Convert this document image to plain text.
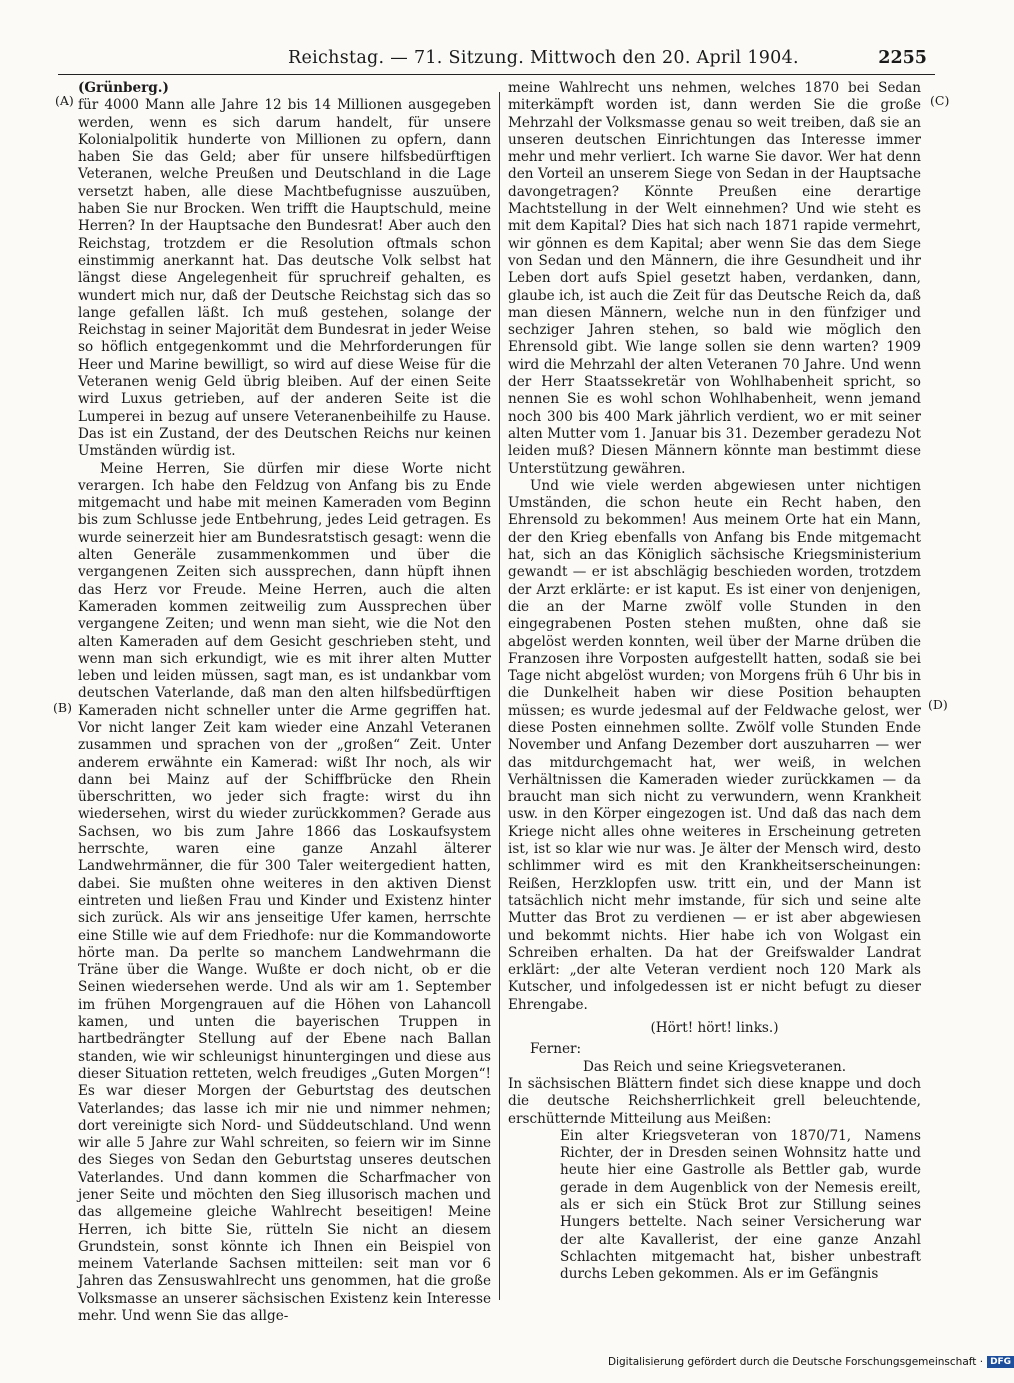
Reichstag. — 71. Sitzung. Mittwoch den 20. April 1904.	2255
(A)
(B)
(C)
(D)

(Grünberg.)

für 4000 Mann alle Jahre 12 bis 14 Millionen ausgegeben werden, wenn es sich darum handelt, für unsere Kolonialpolitik hunderte von Millionen zu opfern, dann haben Sie das Geld; aber für unsere hilfsbedürftigen Veteranen, welche Preußen und Deutschland in die Lage versetzt haben, alle diese Machtbefugnisse auszuüben, haben Sie nur Brocken. Wen trifft die Hauptschuld, meine Herren? In der Hauptsache den Bundesrat! Aber auch den Reichstag, trotzdem er die Resolution oftmals schon einstimmig anerkannt hat. Das deutsche Volk selbst hat längst diese Angelegenheit für spruchreif gehalten, es wundert mich nur, daß der Deutsche Reichstag sich das so lange gefallen läßt. Ich muß gestehen, solange der Reichstag in seiner Majorität dem Bundesrat in jeder Weise so höflich entgegenkommt und die Mehrforderungen für Heer und Marine bewilligt, so wird auf diese Weise für die Veteranen wenig Geld übrig bleiben. Auf der einen Seite wird Luxus getrieben, auf der anderen Seite ist die Lumperei in bezug auf unsere Veteranenbeihilfe zu Hause. Das ist ein Zustand, der des Deutschen Reichs nur keinen Umständen würdig ist.

Meine Herren, Sie dürfen mir diese Worte nicht verargen. Ich habe den Feldzug von Anfang bis zu Ende mitgemacht und habe mit meinen Kameraden vom Beginn bis zum Schlusse jede Entbehrung, jedes Leid getragen. Es wurde seinerzeit hier am Bundesratstisch gesagt: wenn die alten Generäle zusammenkommen und über die vergangenen Zeiten sich aussprechen, dann hüpft ihnen das Herz vor Freude. Meine Herren, auch die alten Kameraden kommen zeitweilig zum Aussprechen über vergangene Zeiten; und wenn man sieht, wie die Not den alten Kameraden auf dem Gesicht geschrieben steht, und wenn man sich erkundigt, wie es mit ihrer alten Mutter leben und leiden müssen, sagt man, es ist undankbar vom deutschen Vaterlande, daß man den alten hilfsbedürftigen Kameraden nicht schneller unter die Arme gegriffen hat. Vor nicht langer Zeit kam wieder eine Anzahl Veteranen zusammen und sprachen von der „großen“ Zeit. Unter anderem erwähnte ein Kamerad: wißt Ihr noch, als wir dann bei Mainz auf der Schiffbrücke den Rhein überschritten, wo jeder sich fragte: wirst du ihn wiedersehen, wirst du wieder zurückkommen? Gerade aus Sachsen, wo bis zum Jahre 1866 das Loskaufsystem herrschte, waren eine ganze Anzahl älterer Landwehrmänner, die für 300 Taler weitergedient hatten, dabei. Sie mußten ohne weiteres in den aktiven Dienst eintreten und ließen Frau und Kinder und Existenz hinter sich zurück. Als wir ans jenseitige Ufer kamen, herrschte eine Stille wie auf dem Friedhofe: nur die Kommandoworte hörte man. Da perlte so manchem Landwehrmann die Träne über die Wange. Wußte er doch nicht, ob er die Seinen wiedersehen werde. Und als wir am 1. September im frühen Morgengrauen auf die Höhen von Lahancoll kamen, und unten die bayerischen Truppen in hartbedrängter Stellung auf der Ebene nach Ballan standen, wie wir schleunigst hinuntergingen und diese aus dieser Situation retteten, welch freudiges „Guten Morgen“! Es war dieser Morgen der Geburtstag des deutschen Vaterlandes; das lasse ich mir nie und nimmer nehmen; dort vereinigte sich Nord- und Süddeutschland. Und wenn wir alle 5 Jahre zur Wahl schreiten, so feiern wir im Sinne des Sieges von Sedan den Geburtstag unseres deutschen Vaterlandes. Und dann kommen die Scharfmacher von jener Seite und möchten den Sieg illusorisch machen und das allgemeine gleiche Wahlrecht beseitigen! Meine Herren, ich bitte Sie, rütteln Sie nicht an diesem Grundstein, sonst könnte ich Ihnen ein Beispiel von meinem Vaterlande Sachsen mitteilen: seit man vor 6 Jahren das Zensuswahlrecht uns genommen, hat die große Volksmasse an unserer sächsischen Existenz kein Interesse mehr. Und wenn Sie das allge-

meine Wahlrecht uns nehmen, welches 1870 bei Sedan miterkämpft worden ist, dann werden Sie die große Mehrzahl der Volksmasse genau so weit treiben, daß sie an unseren deutschen Einrichtungen das Interesse immer mehr und mehr verliert. Ich warne Sie davor. Wer hat denn den Vorteil an unserem Siege von Sedan in der Hauptsache davongetragen? Könnte Preußen eine derartige Machtstellung in der Welt einnehmen? Und wie steht es mit dem Kapital? Dies hat sich nach 1871 rapide vermehrt, wir gönnen es dem Kapital; aber wenn Sie das dem Siege von Sedan und den Männern, die ihre Gesundheit und ihr Leben dort aufs Spiel gesetzt haben, verdanken, dann, glaube ich, ist auch die Zeit für das Deutsche Reich da, daß man diesen Männern, welche nun in den fünfziger und sechziger Jahren stehen, so bald wie möglich den Ehrensold gibt. Wie lange sollen sie denn warten? 1909 wird die Mehrzahl der alten Veteranen 70 Jahre. Und wenn der Herr Staatssekretär von Wohlhabenheit spricht, so nennen Sie es wohl schon Wohlhabenheit, wenn jemand noch 300 bis 400 Mark jährlich verdient, wo er mit seiner alten Mutter vom 1. Januar bis 31. Dezember geradezu Not leiden muß? Diesen Männern könnte man bestimmt diese Unterstützung gewähren.

Und wie viele werden abgewiesen unter nichtigen Umständen, die schon heute ein Recht haben, den Ehrensold zu bekommen! Aus meinem Orte hat ein Mann, der den Krieg ebenfalls von Anfang bis Ende mitgemacht hat, sich an das Königlich sächsische Kriegsministerium gewandt — er ist abschlägig beschieden worden, trotzdem der Arzt erklärte: er ist kaput. Es ist einer von denjenigen, die an der Marne zwölf volle Stunden in den eingegrabenen Posten stehen mußten, ohne daß sie abgelöst werden konnten, weil über der Marne drüben die Franzosen ihre Vorposten aufgestellt hatten, sodaß sie bei Tage nicht abgelöst wurden; von Morgens früh 6 Uhr bis in die Dunkelheit haben wir diese Position behaupten müssen; es wurde jedesmal auf der Feldwache gelost, wer diese Posten einnehmen sollte. Zwölf volle Stunden Ende November und Anfang Dezember dort auszuharren — wer das mitdurchgemacht hat, wer weiß, in welchen Verhältnissen die Kameraden wieder zurückkamen — da braucht man sich nicht zu verwundern, wenn Krankheit usw. in den Körper eingezogen ist. Und daß das nach dem Kriege nicht alles ohne weiteres in Erscheinung getreten ist, ist so klar wie nur was. Je älter der Mensch wird, desto schlimmer wird es mit den Krankheitserscheinungen: Reißen, Herzklopfen usw. tritt ein, und der Mann ist tatsächlich nicht mehr imstande, für sich und seine alte Mutter das Brot zu verdienen — er ist aber abgewiesen und bekommt nichts. Hier habe ich von Wolgast ein Schreiben erhalten. Da hat der Greifswalder Landrat erklärt: „der alte Veteran verdient noch 120 Mark als Kutscher, und infolgedessen ist er nicht befugt zu dieser Ehrengabe.

(Hört! hört! links.)

Ferner:

Das Reich und seine Kriegsveteranen.

In sächsischen Blättern findet sich diese knappe und doch die deutsche Reichsherrlichkeit grell beleuchtende, erschütternde Mitteilung aus Meißen:

Ein alter Kriegsveteran von 1870/71, Namens Richter, der in Dresden seinen Wohnsitz hatte und heute hier eine Gastrolle als Bettler gab, wurde gerade in dem Augenblick von der Nemesis ereilt, als er sich ein Stück Brot zur Stillung seines Hungers bettelte. Nach seiner Versicherung war der alte Kavallerist, der eine ganze Anzahl Schlachten mitgemacht hat, bisher unbestraft durchs Leben gekommen. Als er im Gefängnis

Digitalisierung gefördert durch die Deutsche Forschungsgemeinschaft · DFG
